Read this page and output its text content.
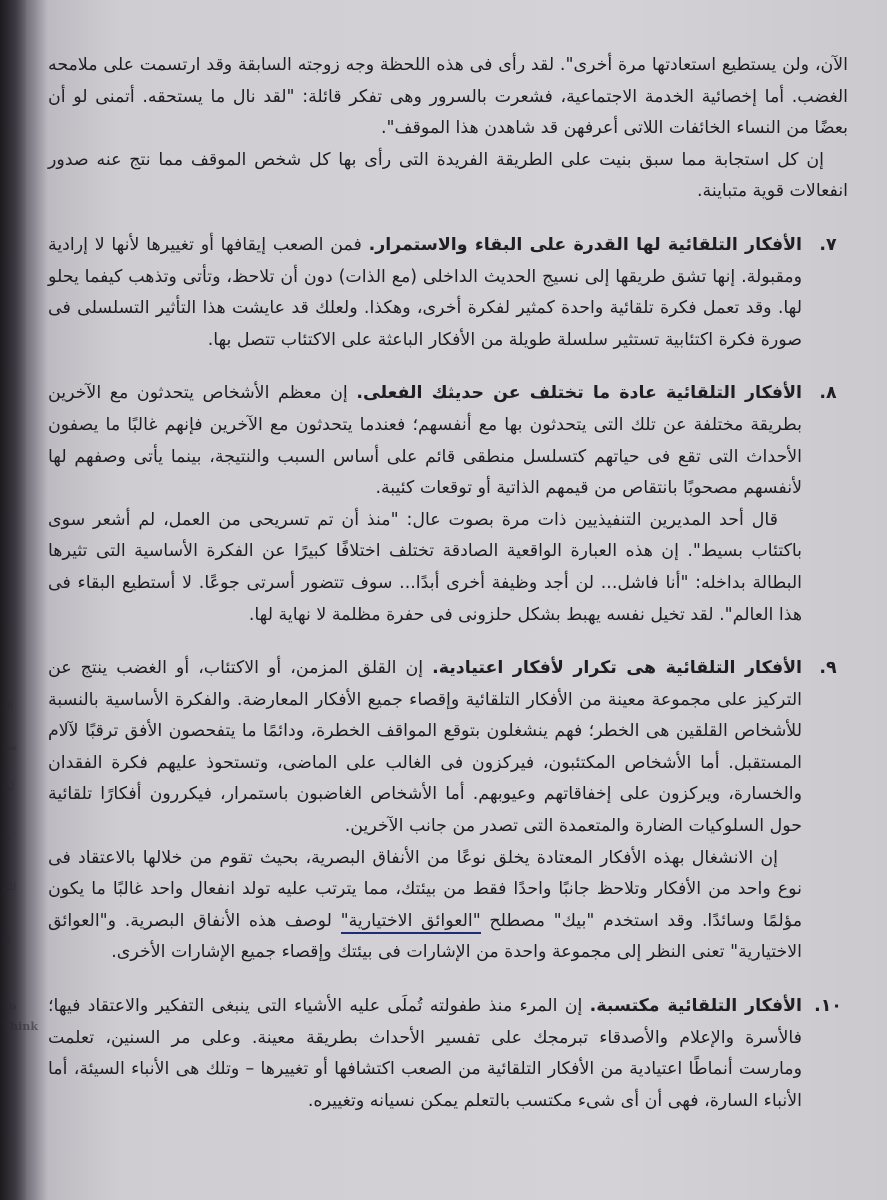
ال
صه
لى
ن
للم
يع
To
Think

الآن، ولن يستطيع استعادتها مرة أخرى". لقد رأى فى هذه اللحظة وجه زوجته السابقة وقد ارتسمت على ملامحه الغضب. أما إخصائية الخدمة الاجتماعية، فشعرت بالسرور وهى تفكر قائلة: "لقد نال ما يستحقه. أتمنى لو أن بعضًا من النساء الخائفات اللاتى أعرفهن قد شاهدن هذا الموقف".

إن كل استجابة مما سبق بنيت على الطريقة الفريدة التى رأى بها كل شخص الموقف مما نتج عنه صدور انفعالات قوية متباينة.

٧.

الأفكار التلقائية لها القدرة على البقاء والاستمرار. فمن الصعب إيقافها أو تغييرها لأنها لا إرادية ومقبولة. إنها تشق طريقها إلى نسيج الحديث الداخلى (مع الذات) دون أن تلاحظ، وتأتى وتذهب كيفما يحلو لها. وقد تعمل فكرة تلقائية واحدة كمثير لفكرة أخرى، وهكذا. ولعلك قد عايشت هذا التأثير التسلسلى فى صورة فكرة اكتئابية تستثير سلسلة طويلة من الأفكار الباعثة على الاكتئاب تتصل بها.

٨.

الأفكار التلقائية عادة ما تختلف عن حديثك الفعلى. إن معظم الأشخاص يتحدثون مع الآخرين بطريقة مختلفة عن تلك التى يتحدثون بها مع أنفسهم؛ فعندما يتحدثون مع الآخرين فإنهم غالبًا ما يصفون الأحداث التى تقع فى حياتهم كتسلسل منطقى قائم على أساس السبب والنتيجة، بينما يأتى وصفهم لها لأنفسهم مصحوبًا بانتقاص من قيمهم الذاتية أو توقعات كئيبة.

قال أحد المديرين التنفيذيين ذات مرة بصوت عال: "منذ أن تم تسريحى من العمل، لم أشعر سوى باكتئاب بسيط". إن هذه العبارة الواقعية الصادقة تختلف اختلافًا كبيرًا عن الفكرة الأساسية التى تثيرها البطالة بداخله: "أنا فاشل... لن أجد وظيفة أخرى أبدًا... سوف تتضور أسرتى جوعًا. لا أستطيع البقاء فى هذا العالم". لقد تخيل نفسه يهبط بشكل حلزونى فى حفرة مظلمة لا نهاية لها.

٩.

الأفكار التلقائية هى تكرار لأفكار اعتيادية. إن القلق المزمن، أو الاكتئاب، أو الغضب ينتج عن التركيز على مجموعة معينة من الأفكار التلقائية وإقصاء جميع الأفكار المعارضة. والفكرة الأساسية بالنسبة للأشخاص القلقين هى الخطر؛ فهم ينشغلون بتوقع المواقف الخطرة، ودائمًا ما يتفحصون الأفق ترقبًا لآلام المستقبل. أما الأشخاص المكتئبون، فيركزون فى الغالب على الماضى، وتستحوذ عليهم فكرة الفقدان والخسارة، ويركزون على إخفاقاتهم وعيوبهم. أما الأشخاص الغاضبون باستمرار، فيكررون أفكارًا تلقائية حول السلوكيات الضارة والمتعمدة التى تصدر من جانب الآخرين.

إن الانشغال بهذه الأفكار المعتادة يخلق نوعًا من الأنفاق البصرية، بحيث تقوم من خلالها بالاعتقاد فى نوع واحد من الأفكار وتلاحظ جانبًا واحدًا فقط من بيئتك، مما يترتب عليه تولد انفعال واحد غالبًا ما يكون مؤلمًا وسائدًا. وقد استخدم "بيك" مصطلح "العوائق الاختيارية" لوصف هذه الأنفاق البصرية. و"العوائق الاختيارية" تعنى النظر إلى مجموعة واحدة من الإشارات فى بيئتك وإقصاء جميع الإشارات الأخرى.

١٠.

الأفكار التلقائية مكتسبة. إن المرء منذ طفولته تُملَى عليه الأشياء التى ينبغى التفكير والاعتقاد فيها؛ فالأسرة والإعلام والأصدقاء تبرمجك على تفسير الأحداث بطريقة معينة. وعلى مر السنين، تعلمت ومارست أنماطًا اعتيادية من الأفكار التلقائية من الصعب اكتشافها أو تغييرها – وتلك هى الأنباء السيئة، أما الأنباء السارة، فهى أن أى شىء مكتسب بالتعلم يمكن نسيانه وتغييره.
